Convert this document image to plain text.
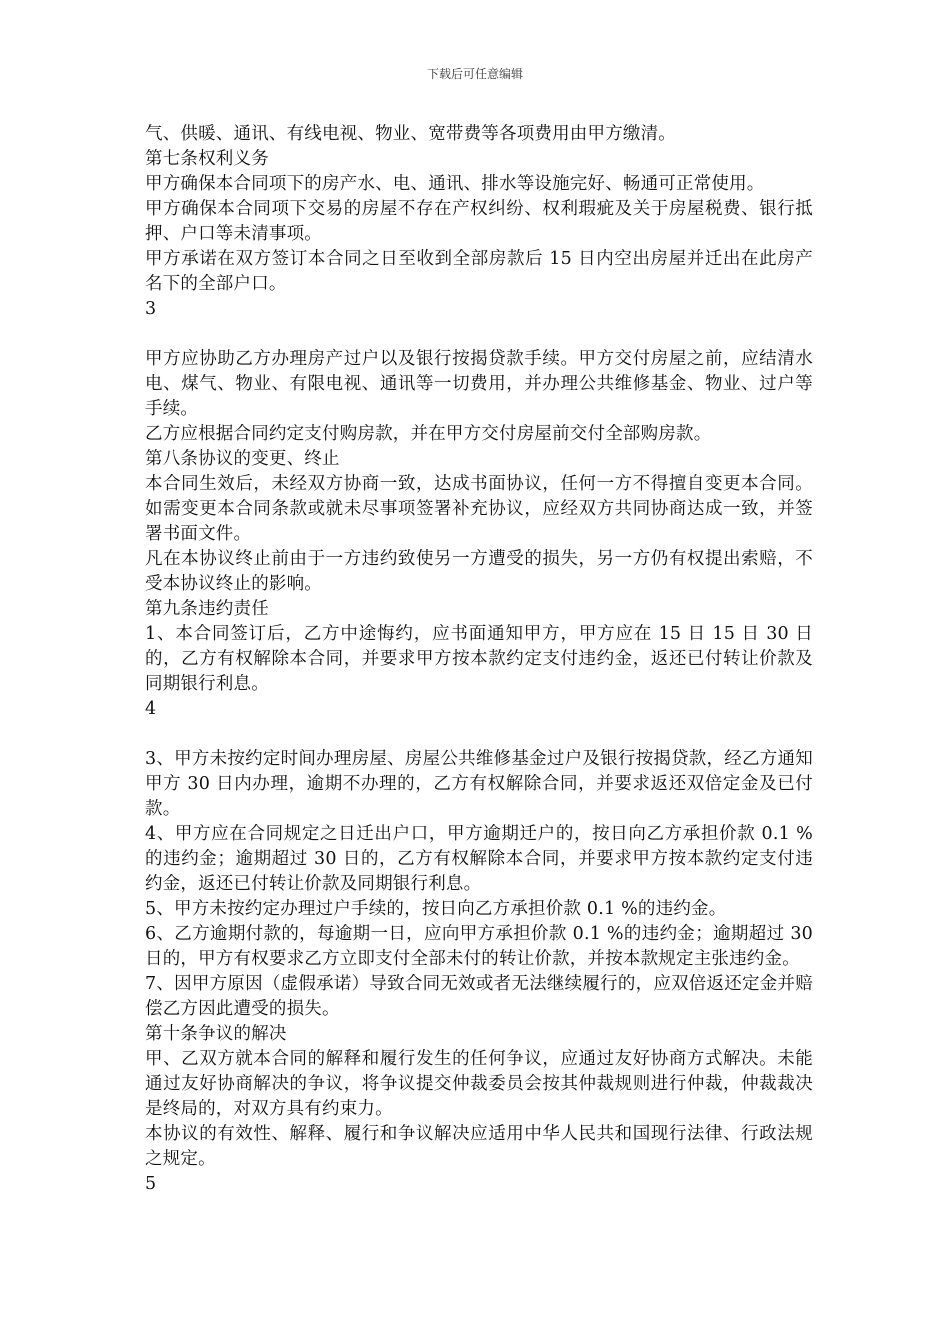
下载后可任意编辑

气、供暖、通讯、有线电视、物业、宽带费等各项费用由甲方缴清。

第七条权利义务

甲方确保本合同项下的房产水、电、通讯、排水等设施完好、畅通可正常使用。

甲方确保本合同项下交易的房屋不存在产权纠纷、权利瑕疵及关于房屋税费、银行抵押、户口等未清事项。

甲方承诺在双方签订本合同之日至收到全部房款后 15 日内空出房屋并迁出在此房产名下的全部户口。

3

甲方应协助乙方办理房产过户以及银行按揭贷款手续。甲方交付房屋之前，应结清水电、煤气、物业、有限电视、通讯等一切费用，并办理公共维修基金、物业、过户等手续。

乙方应根据合同约定支付购房款，并在甲方交付房屋前交付全部购房款。

第八条协议的变更、终止

本合同生效后，未经双方协商一致，达成书面协议，任何一方不得擅自变更本合同。如需变更本合同条款或就未尽事项签署补充协议，应经双方共同协商达成一致，并签署书面文件。

凡在本协议终止前由于一方违约致使另一方遭受的损失，另一方仍有权提出索赔，不受本协议终止的影响。

第九条违约责任

1、本合同签订后，乙方中途悔约，应书面通知甲方，甲方应在 15 日 15 日 30 日的，乙方有权解除本合同，并要求甲方按本款约定支付违约金，返还已付转让价款及同期银行利息。

4

3、甲方未按约定时间办理房屋、房屋公共维修基金过户及银行按揭贷款，经乙方通知甲方 30 日内办理，逾期不办理的，乙方有权解除合同，并要求返还双倍定金及已付款。

4、甲方应在合同规定之日迁出户口，甲方逾期迁户的，按日向乙方承担价款 0.1 %的违约金；逾期超过 30 日的，乙方有权解除本合同，并要求甲方按本款约定支付违约金，返还已付转让价款及同期银行利息。

5、甲方未按约定办理过户手续的，按日向乙方承担价款 0.1 %的违约金。

6、乙方逾期付款的，每逾期一日，应向甲方承担价款 0.1 %的违约金；逾期超过 30 日的，甲方有权要求乙方立即支付全部未付的转让价款，并按本款规定主张违约金。

7、因甲方原因（虚假承诺）导致合同无效或者无法继续履行的，应双倍返还定金并赔偿乙方因此遭受的损失。

第十条争议的解决

甲、乙双方就本合同的解释和履行发生的任何争议，应通过友好协商方式解决。未能通过友好协商解决的争议，将争议提交仲裁委员会按其仲裁规则进行仲裁，仲裁裁决是终局的，对双方具有约束力。

本协议的有效性、解释、履行和争议解决应适用中华人民共和国现行法律、行政法规之规定。

5
